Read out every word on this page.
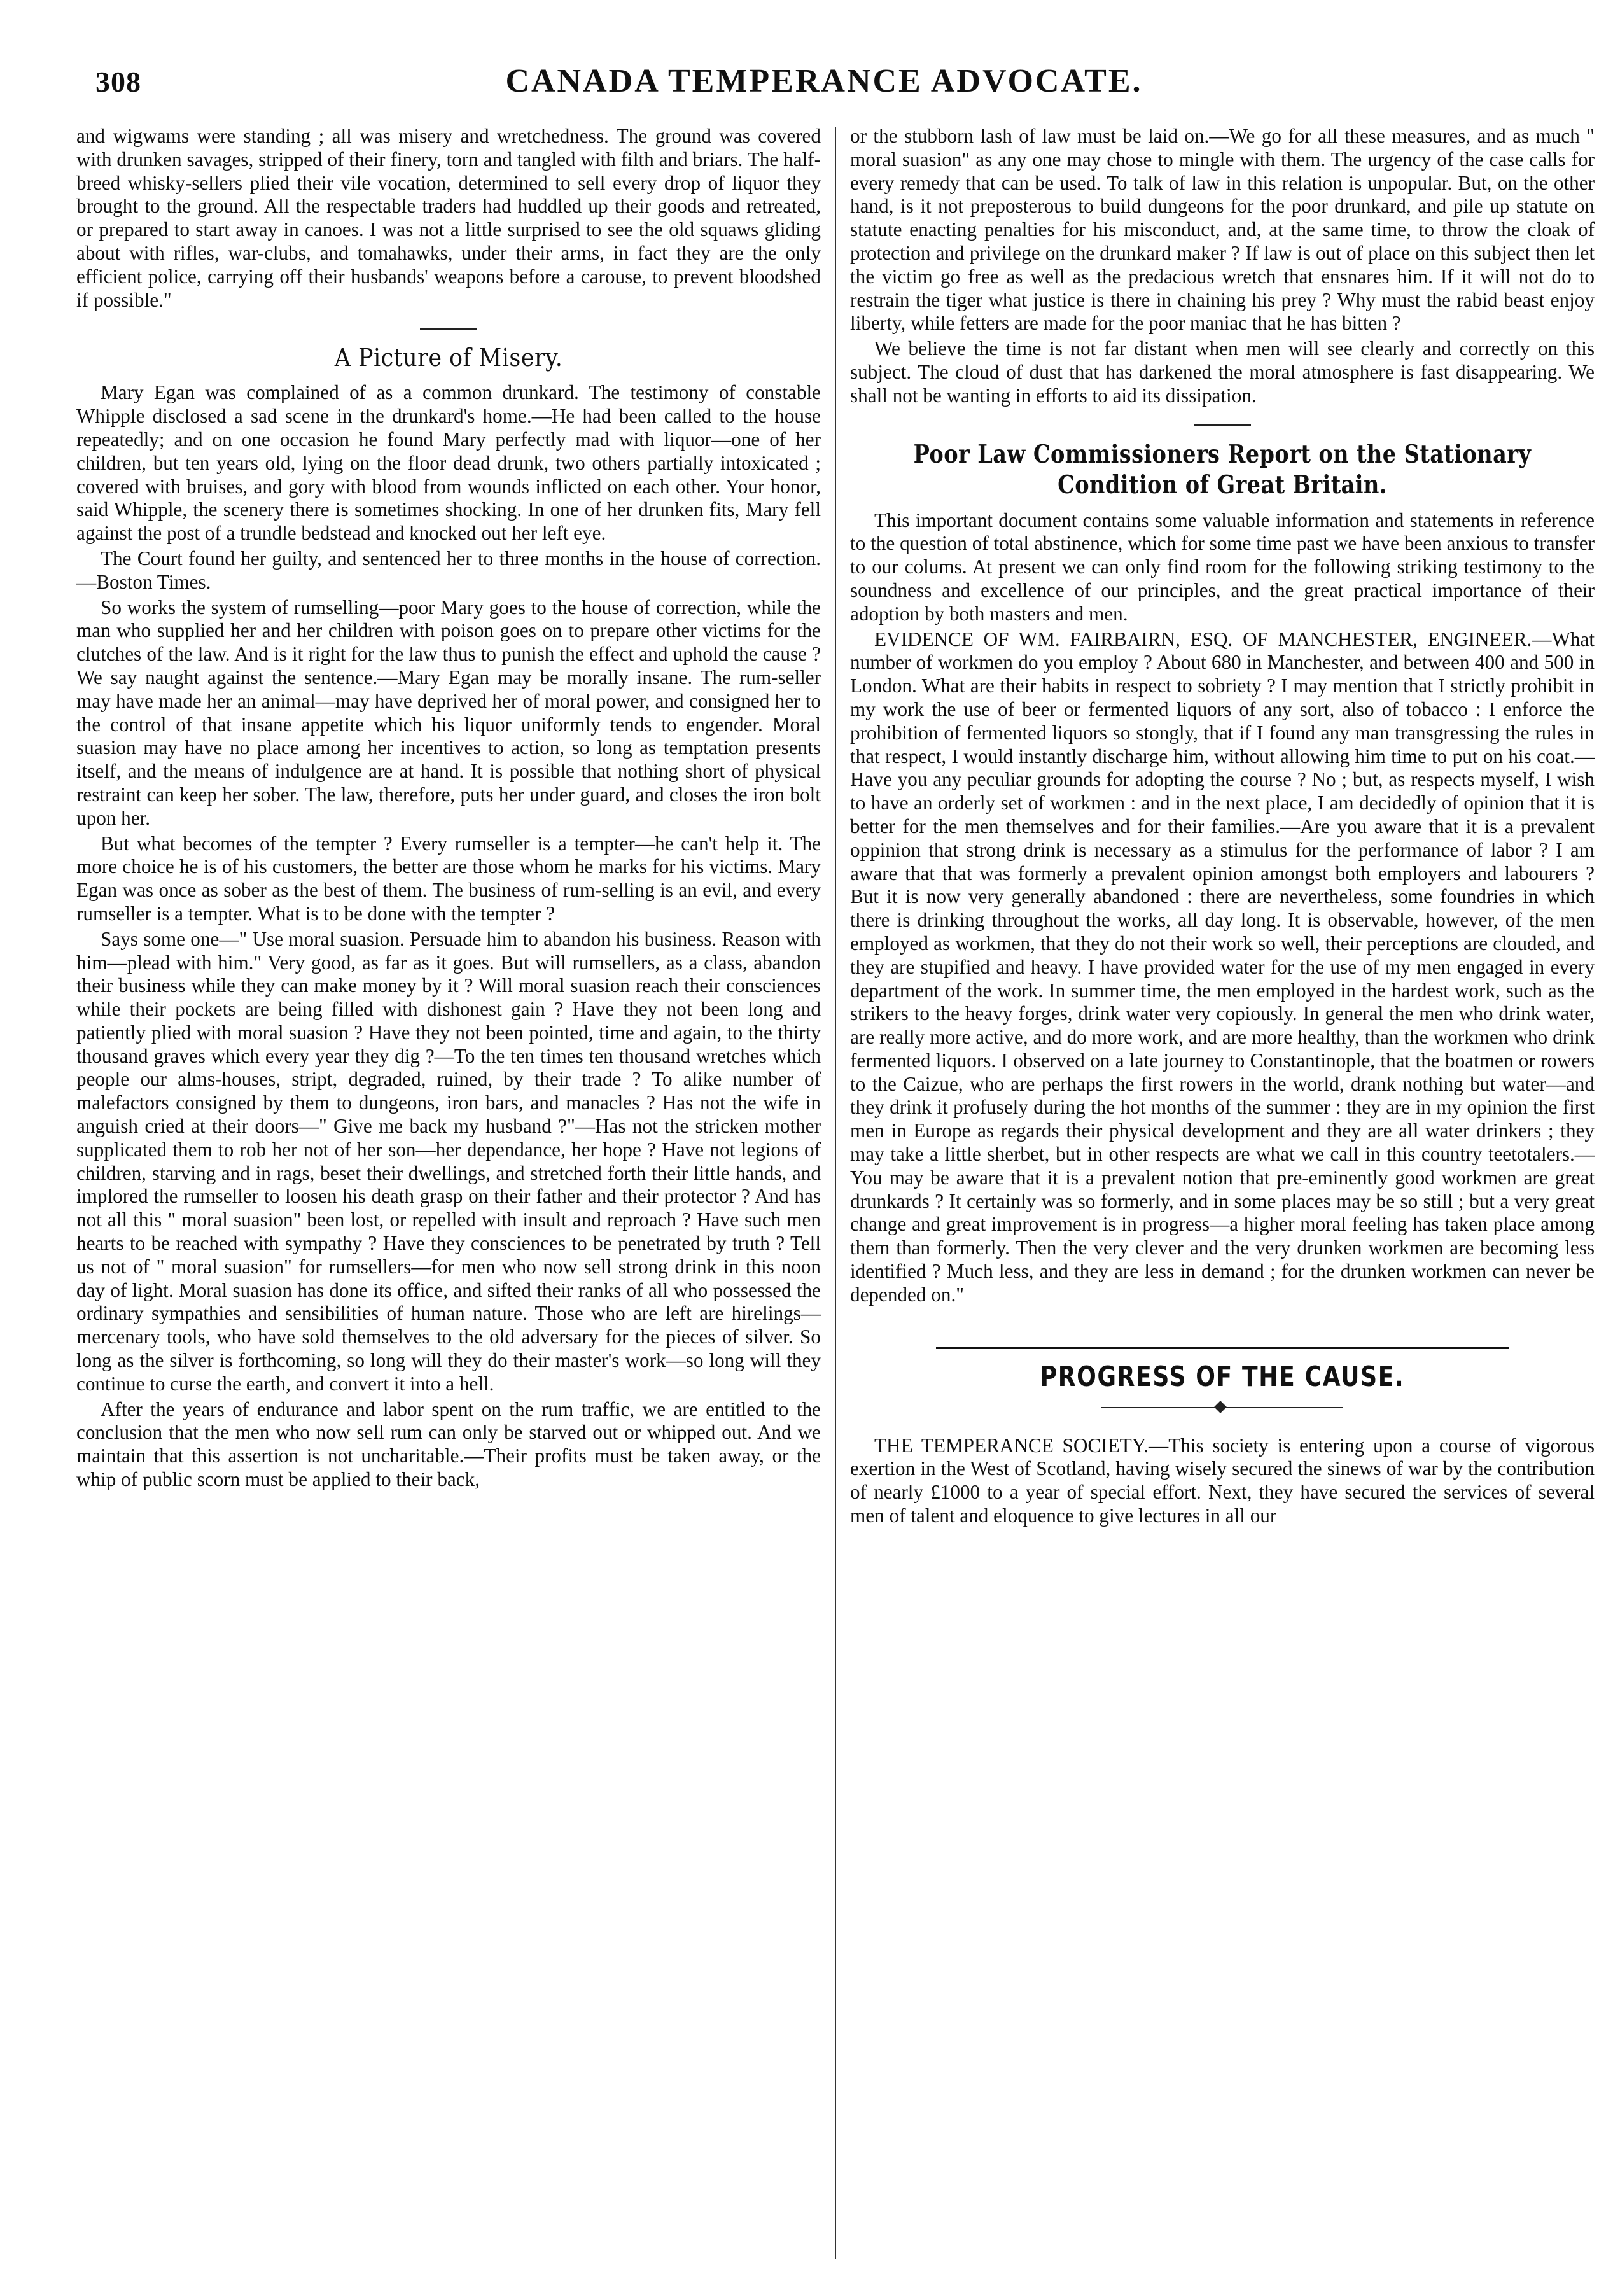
308	CANADA TEMPERANCE ADVOCATE.

and wigwams were standing ; all was misery and wretchedness. The ground was covered with drunken savages, stripped of their finery, torn and tangled with filth and briars. The half-breed whisky-sellers plied their vile vocation, determined to sell every drop of liquor they brought to the ground. All the respectable traders had huddled up their goods and retreated, or prepared to start away in canoes. I was not a little surprised to see the old squaws gliding about with rifles, war-clubs, and tomahawks, under their arms, in fact they are the only efficient police, carrying off their husbands' weapons before a carouse, to prevent bloodshed if possible."

A Picture of Misery.

Mary Egan was complained of as a common drunkard. The testimony of constable Whipple disclosed a sad scene in the drunkard's home.—He had been called to the house repeatedly; and on one occasion he found Mary perfectly mad with liquor—one of her children, but ten years old, lying on the floor dead drunk, two others partially intoxicated ; covered with bruises, and gory with blood from wounds inflicted on each other. Your honor, said Whipple, the scenery there is sometimes shocking. In one of her drunken fits, Mary fell against the post of a trundle bedstead and knocked out her left eye.

The Court found her guilty, and sentenced her to three months in the house of correction.—Boston Times.

So works the system of rumselling—poor Mary goes to the house of correction, while the man who supplied her and her children with poison goes on to prepare other victims for the clutches of the law. And is it right for the law thus to punish the effect and uphold the cause ? We say naught against the sentence.—Mary Egan may be morally insane. The rum-seller may have made her an animal—may have deprived her of moral power, and consigned her to the control of that insane appetite which his liquor uniformly tends to engender. Moral suasion may have no place among her incentives to action, so long as temptation presents itself, and the means of indulgence are at hand. It is possible that nothing short of physical restraint can keep her sober. The law, therefore, puts her under guard, and closes the iron bolt upon her.

But what becomes of the tempter ? Every rumseller is a tempter—he can't help it. The more choice he is of his customers, the better are those whom he marks for his victims. Mary Egan was once as sober as the best of them. The business of rum-selling is an evil, and every rumseller is a tempter. What is to be done with the tempter ?

Says some one—" Use moral suasion. Persuade him to abandon his business. Reason with him—plead with him." Very good, as far as it goes. But will rumsellers, as a class, abandon their business while they can make money by it ? Will moral suasion reach their consciences while their pockets are being filled with dishonest gain ? Have they not been long and patiently plied with moral suasion ? Have they not been pointed, time and again, to the thirty thousand graves which every year they dig ?—To the ten times ten thousand wretches which people our alms-houses, stript, degraded, ruined, by their trade ? To alike number of malefactors consigned by them to dungeons, iron bars, and manacles ? Has not the wife in anguish cried at their doors—" Give me back my husband ?"—Has not the stricken mother supplicated them to rob her not of her son—her dependance, her hope ? Have not legions of children, starving and in rags, beset their dwellings, and stretched forth their little hands, and implored the rumseller to loosen his death grasp on their father and their protector ? And has not all this " moral suasion" been lost, or repelled with insult and reproach ? Have such men hearts to be reached with sympathy ? Have they consciences to be penetrated by truth ? Tell us not of " moral suasion" for rumsellers—for men who now sell strong drink in this noon day of light. Moral suasion has done its office, and sifted their ranks of all who possessed the ordinary sympathies and sensibilities of human nature. Those who are left are hirelings—mercenary tools, who have sold themselves to the old adversary for the pieces of silver. So long as the silver is forthcoming, so long will they do their master's work—so long will they continue to curse the earth, and convert it into a hell.

After the years of endurance and labor spent on the rum traffic, we are entitled to the conclusion that the men who now sell rum can only be starved out or whipped out. And we maintain that this assertion is not uncharitable.—Their profits must be taken away, or the whip of public scorn must be applied to their back,

or the stubborn lash of law must be laid on.—We go for all these measures, and as much " moral suasion" as any one may chose to mingle with them. The urgency of the case calls for every remedy that can be used. To talk of law in this relation is unpopular. But, on the other hand, is it not preposterous to build dungeons for the poor drunkard, and pile up statute on statute enacting penalties for his misconduct, and, at the same time, to throw the cloak of protection and privilege on the drunkard maker ? If law is out of place on this subject then let the victim go free as well as the predacious wretch that ensnares him. If it will not do to restrain the tiger what justice is there in chaining his prey ? Why must the rabid beast enjoy liberty, while fetters are made for the poor maniac that he has bitten ?

We believe the time is not far distant when men will see clearly and correctly on this subject. The cloud of dust that has darkened the moral atmosphere is fast disappearing. We shall not be wanting in efforts to aid its dissipation.

Poor Law Commissioners Report on the Stationary Condition of Great Britain.

This important document contains some valuable information and statements in reference to the question of total abstinence, which for some time past we have been anxious to transfer to our colums. At present we can only find room for the following striking testimony to the soundness and excellence of our principles, and the great practical importance of their adoption by both masters and men.

EVIDENCE OF WM. FAIRBAIRN, ESQ. OF MANCHESTER, ENGINEER.—What number of workmen do you employ ? About 680 in Manchester, and between 400 and 500 in London. What are their habits in respect to sobriety ? I may mention that I strictly prohibit in my work the use of beer or fermented liquors of any sort, also of tobacco : I enforce the prohibition of fermented liquors so stongly, that if I found any man transgressing the rules in that respect, I would instantly discharge him, without allowing him time to put on his coat.—Have you any peculiar grounds for adopting the course ? No ; but, as respects myself, I wish to have an orderly set of workmen : and in the next place, I am decidedly of opinion that it is better for the men themselves and for their families.—Are you aware that it is a prevalent oppinion that strong drink is necessary as a stimulus for the performance of labor ? I am aware that that was formerly a prevalent opinion amongst both employers and labourers ? But it is now very generally abandoned : there are nevertheless, some foundries in which there is drinking throughout the works, all day long. It is observable, however, of the men employed as workmen, that they do not their work so well, their perceptions are clouded, and they are stupified and heavy. I have provided water for the use of my men engaged in every department of the work. In summer time, the men employed in the hardest work, such as the strikers to the heavy forges, drink water very copiously. In general the men who drink water, are really more active, and do more work, and are more healthy, than the workmen who drink fermented liquors. I observed on a late journey to Constantinople, that the boatmen or rowers to the Caizue, who are perhaps the first rowers in the world, drank nothing but water—and they drink it profusely during the hot months of the summer : they are in my opinion the first men in Europe as regards their physical development and they are all water drinkers ; they may take a little sherbet, but in other respects are what we call in this country teetotalers.—You may be aware that it is a prevalent notion that pre-eminently good workmen are great drunkards ? It certainly was so formerly, and in some places may be so still ; but a very great change and great improvement is in progress—a higher moral feeling has taken place among them than formerly. Then the very clever and the very drunken workmen are becoming less identified ? Much less, and they are less in demand ; for the drunken workmen can never be depended on."

PROGRESS OF THE CAUSE.

THE TEMPERANCE SOCIETY.—This society is entering upon a course of vigorous exertion in the West of Scotland, having wisely secured the sinews of war by the contribution of nearly £1000 to a year of special effort. Next, they have secured the services of several men of talent and eloquence to give lectures in all our
